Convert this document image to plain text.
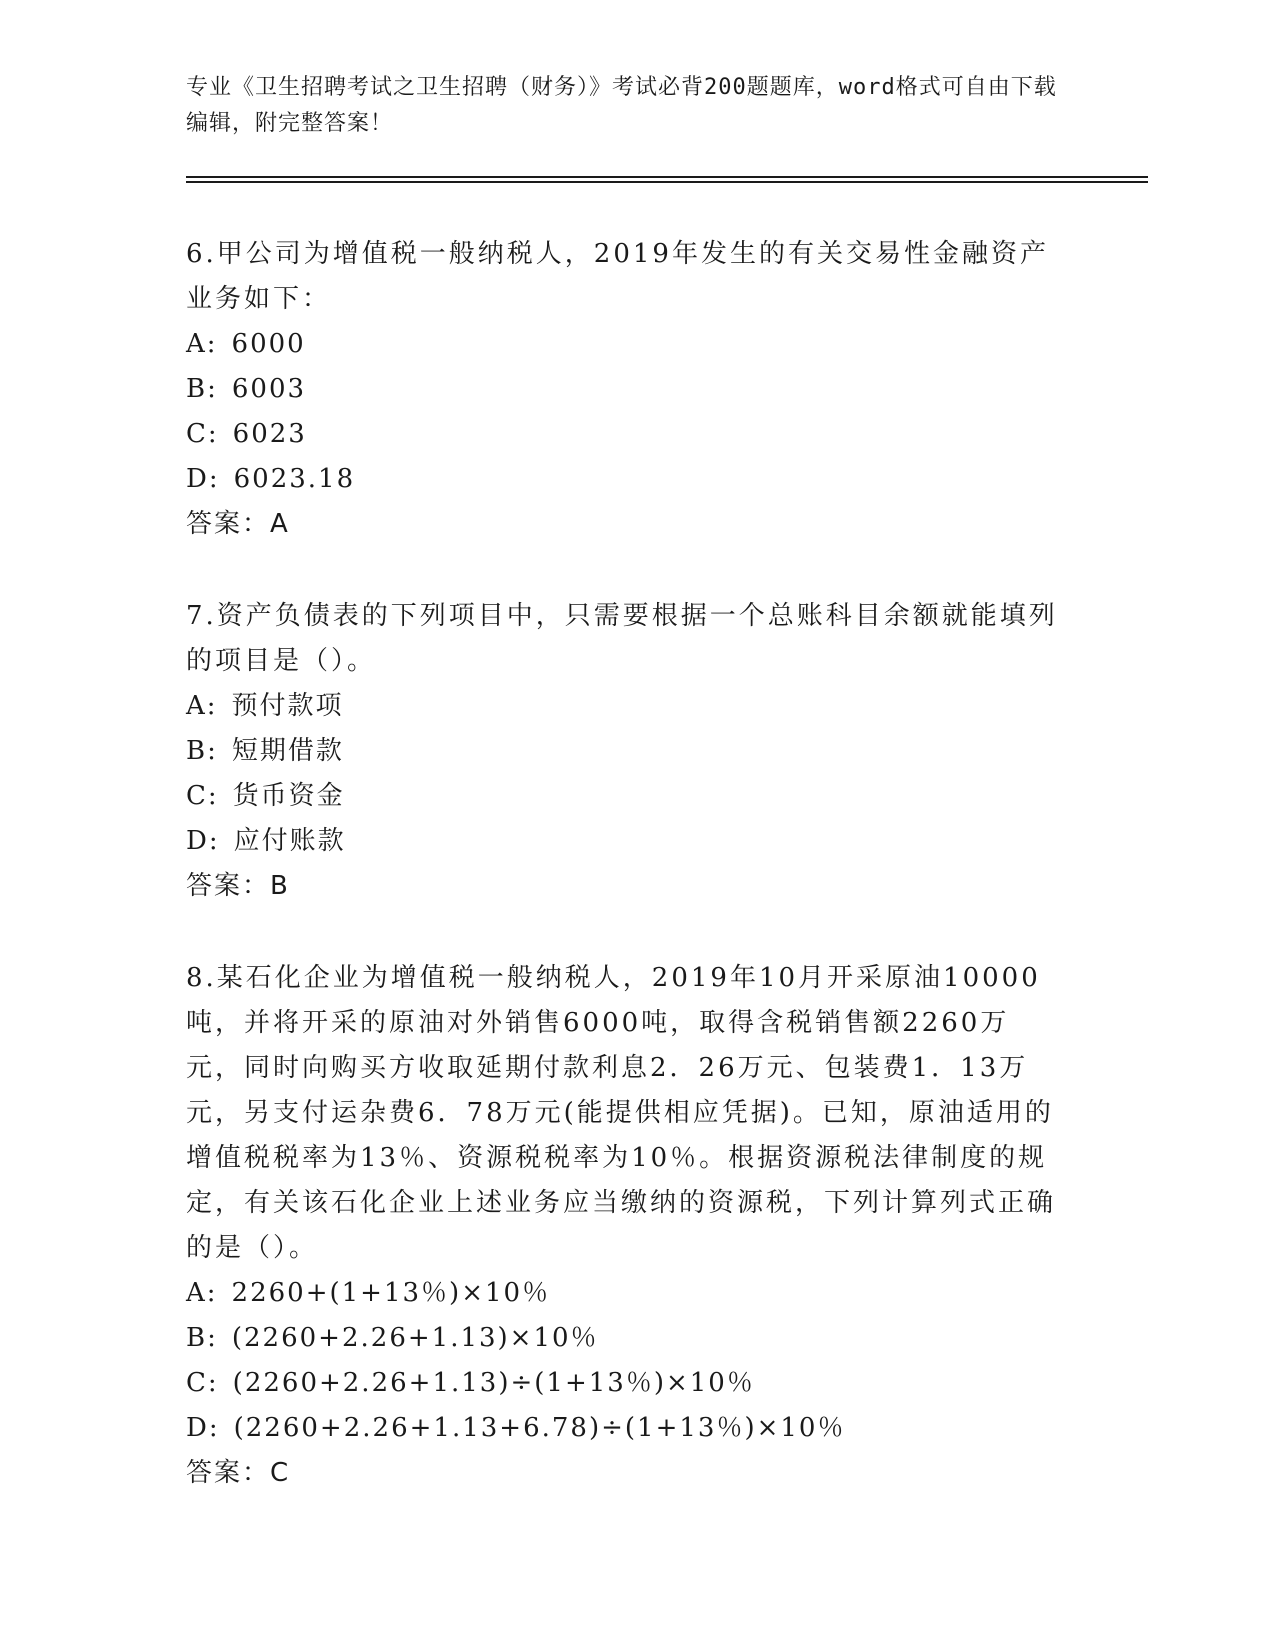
专业《卫生招聘考试之卫生招聘（财务）》考试必背200题题库，word格式可自由下载编辑，附完整答案！

6.甲公司为增值税一般纳税人，2019年发生的有关交易性金融资产业务如下：

A: 6000
B: 6003
C: 6023
D: 6023.18

答案：A

7.资产负债表的下列项目中，只需要根据一个总账科目余额就能填列的项目是（）。

A: 预付款项
B: 短期借款
C: 货币资金
D: 应付账款

答案：B

8.某石化企业为增值税一般纳税人，2019年10月开采原油10000吨，并将开采的原油对外销售6000吨，取得含税销售额2260万元，同时向购买方收取延期付款利息2．26万元、包装费1．13万元，另支付运杂费6．78万元(能提供相应凭据)。已知，原油适用的增值税税率为13％、资源税税率为10％。根据资源税法律制度的规定，有关该石化企业上述业务应当缴纳的资源税，下列计算列式正确的是（）。

A: 2260+(1+13％)×10％
B: (2260+2.26+1.13)×10％
C: (2260+2.26+1.13)÷(1+13％)×10％
D: (2260+2.26+1.13+6.78)÷(1+13％)×10％

答案：C
